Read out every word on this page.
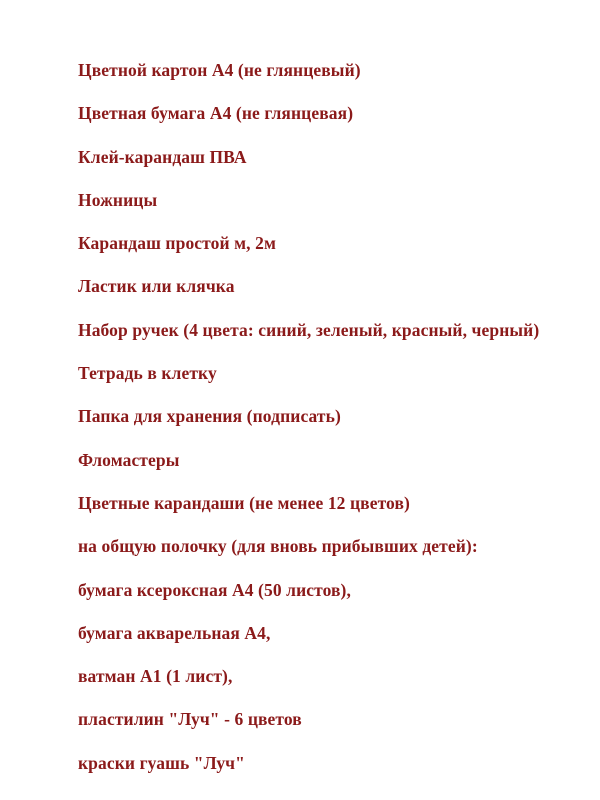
Цветной картон А4 (не глянцевый)

Цветная бумага А4 (не глянцевая)

Клей-карандаш ПВА

Ножницы

Карандаш простой м, 2м

Ластик или клячка

Набор ручек (4 цвета: синий, зеленый, красный, черный)

Тетрадь в клетку

Папка для хранения (подписать)

Фломастеры

Цветные карандаши (не менее 12 цветов)

на общую полочку (для вновь прибывших детей):

бумага ксероксная А4 (50 листов),

бумага акварельная А4,

ватман А1 (1 лист),

пластилин "Луч" - 6 цветов

краски гуашь "Луч"
